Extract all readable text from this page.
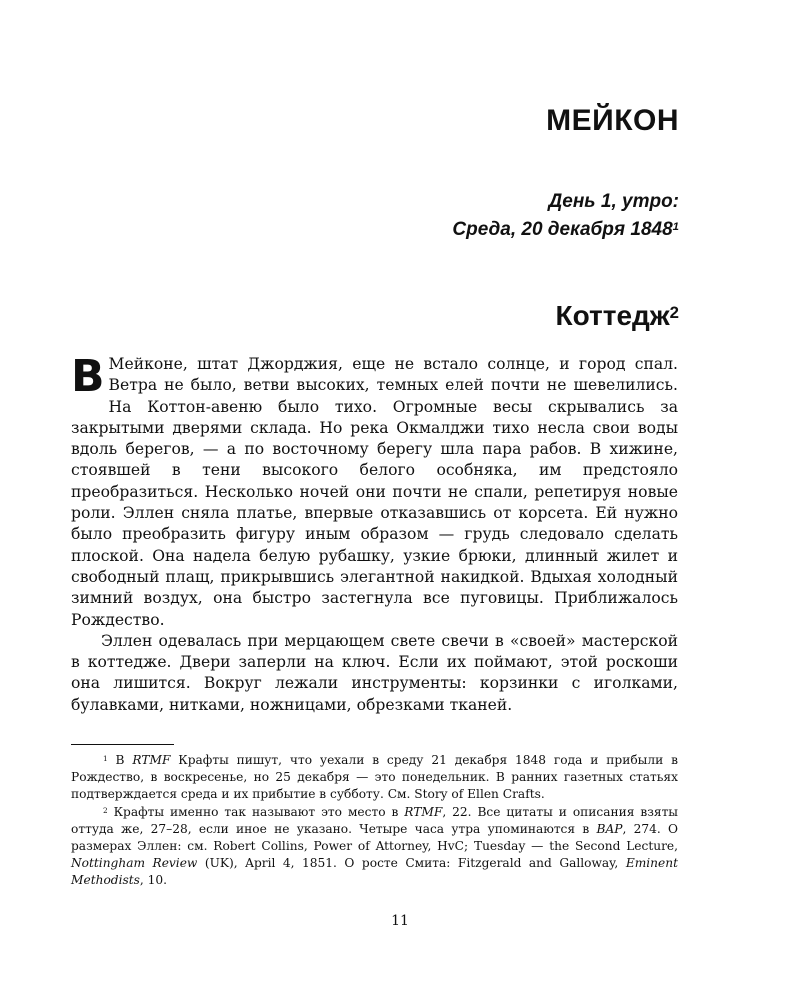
МЕЙКОН
День 1, утро:
Среда, 20 декабря 1848$^1$
Коттедж$^2$

В Мейконе, штат Джорджия, еще не встало солнце, и город спал. Ветра не было, ветви высоких, темных елей почти не шевелились. На Коттон-авеню было тихо. Огромные весы скрывались за закрытыми дверями склада. Но река Окмалджи тихо несла свои воды вдоль берегов, — а по восточному берегу шла пара рабов. В хижине, стоявшей в тени высокого белого особняка, им предстояло преобразиться. Несколько ночей они почти не спали, репетируя новые роли. Эллен сняла платье, впервые отказавшись от корсета. Ей нужно было преобразить фигуру иным образом — грудь следовало сделать плоской. Она надела белую рубашку, узкие брюки, длинный жилет и свободный плащ, прикрывшись элегантной накидкой. Вдыхая холодный зимний воздух, она быстро застегнула все пуговицы. Приближалось Рождество.

Эллен одевалась при мерцающем свете свечи в «своей» мастерской в коттедже. Двери заперли на ключ. Если их поймают, этой роскоши она лишится. Вокруг лежали инструменты: корзинки с иголками, булавками, нитками, ножницами, обрезками тканей.

$^1$ В RTMF Крафты пишут, что уехали в среду 21 декабря 1848 года и прибыли в Рождество, в воскресенье, но 25 декабря — это понедельник. В ранних газетных статьях подтверждается среда и их прибытие в субботу. См. Story of Ellen Crafts.

$^2$ Крафты именно так называют это место в RTMF, 22. Все цитаты и описания взяты оттуда же, 27–28, если иное не указано. Четыре часа утра упоминаются в BAP, 274. О размерах Эллен: см. Robert Collins, Power of Attorney, HvC; Tuesday — the Second Lecture, Nottingham Review (UK), April 4, 1851. О росте Смита: Fitzgerald and Galloway, Eminent Methodists, 10.

11
